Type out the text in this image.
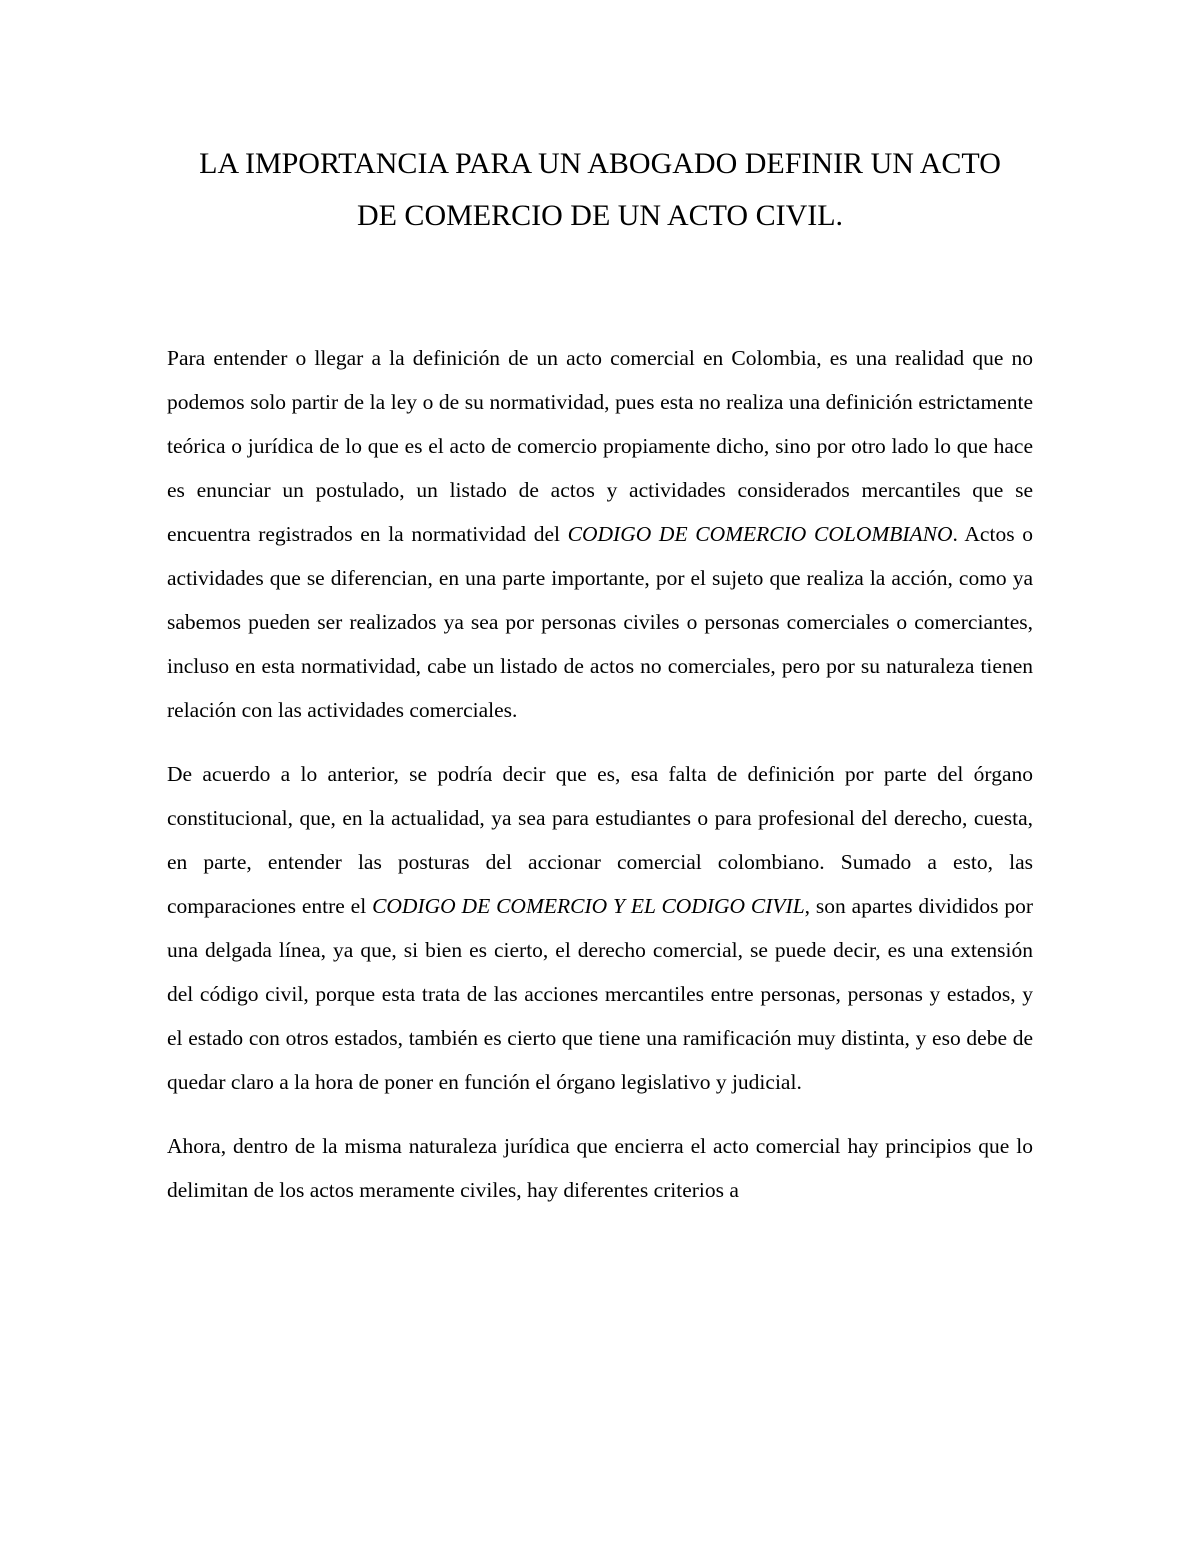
LA IMPORTANCIA PARA UN ABOGADO DEFINIR UN ACTO
DE COMERCIO DE UN ACTO CIVIL.

Para entender o llegar a la definición de un acto comercial en Colombia, es una realidad que no podemos solo partir de la ley o de su normatividad, pues esta no realiza una definición estrictamente teórica o jurídica de lo que es el acto de comercio propiamente dicho, sino por otro lado lo que hace es enunciar un postulado, un listado de actos y actividades considerados mercantiles que se encuentra registrados en la normatividad del CODIGO DE COMERCIO COLOMBIANO. Actos o actividades que se diferencian, en una parte importante, por el sujeto que realiza la acción, como ya sabemos pueden ser realizados ya sea por personas civiles o personas comerciales o comerciantes, incluso en esta normatividad, cabe un listado de actos no comerciales, pero por su naturaleza tienen relación con las actividades comerciales.

De acuerdo a lo anterior, se podría decir que es, esa falta de definición por parte del órgano constitucional, que, en la actualidad, ya sea para estudiantes o para profesional del derecho, cuesta, en parte, entender las posturas del accionar comercial colombiano. Sumado a esto, las comparaciones entre el CODIGO DE COMERCIO Y EL CODIGO CIVIL, son apartes divididos por una delgada línea, ya que, si bien es cierto, el derecho comercial, se puede decir, es una extensión del código civil, porque esta trata de las acciones mercantiles entre personas, personas y estados, y el estado con otros estados, también es cierto que tiene una ramificación muy distinta, y eso debe de quedar claro a la hora de poner en función el órgano legislativo y judicial.

Ahora, dentro de la misma naturaleza jurídica que encierra el acto comercial hay principios que lo delimitan de los actos meramente civiles, hay diferentes criterios a
